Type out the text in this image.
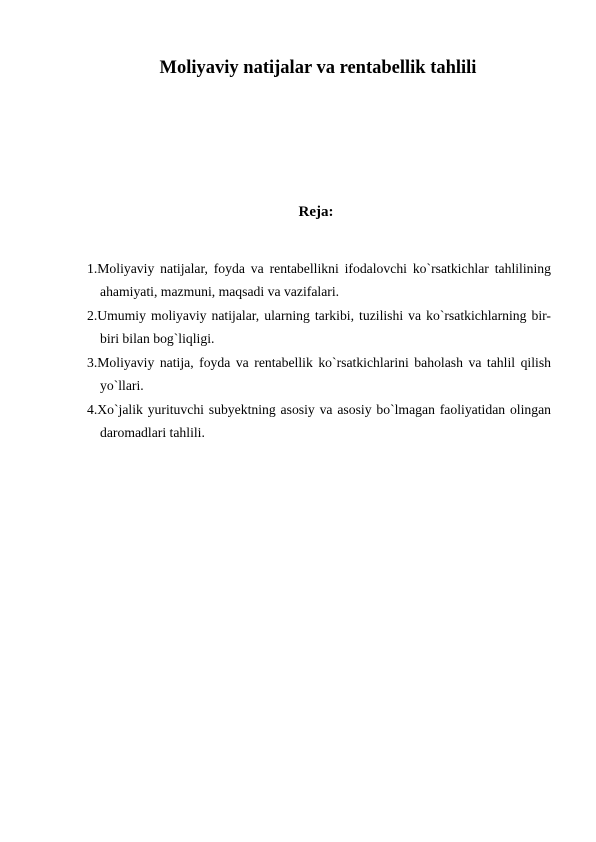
Moliyaviy natijalar va rentabellik tahlili
Reja:
1.Moliyaviy natijalar, foyda va rentabellikni ifodalovchi ko`rsatkichlar tahlilining ahamiyati, mazmuni, maqsadi va vazifalari.
2.Umumiy moliyaviy natijalar, ularning tarkibi, tuzilishi va ko`rsatkichlarning bir-biri bilan bog`liqligi.
3.Moliyaviy natija, foyda va rentabellik ko`rsatkichlarini baholash va tahlil qilish yo`llari.
4.Xo`jalik yurituvchi subyektning asosiy va asosiy bo`lmagan faoliyatidan olingan daromadlari tahlili.
